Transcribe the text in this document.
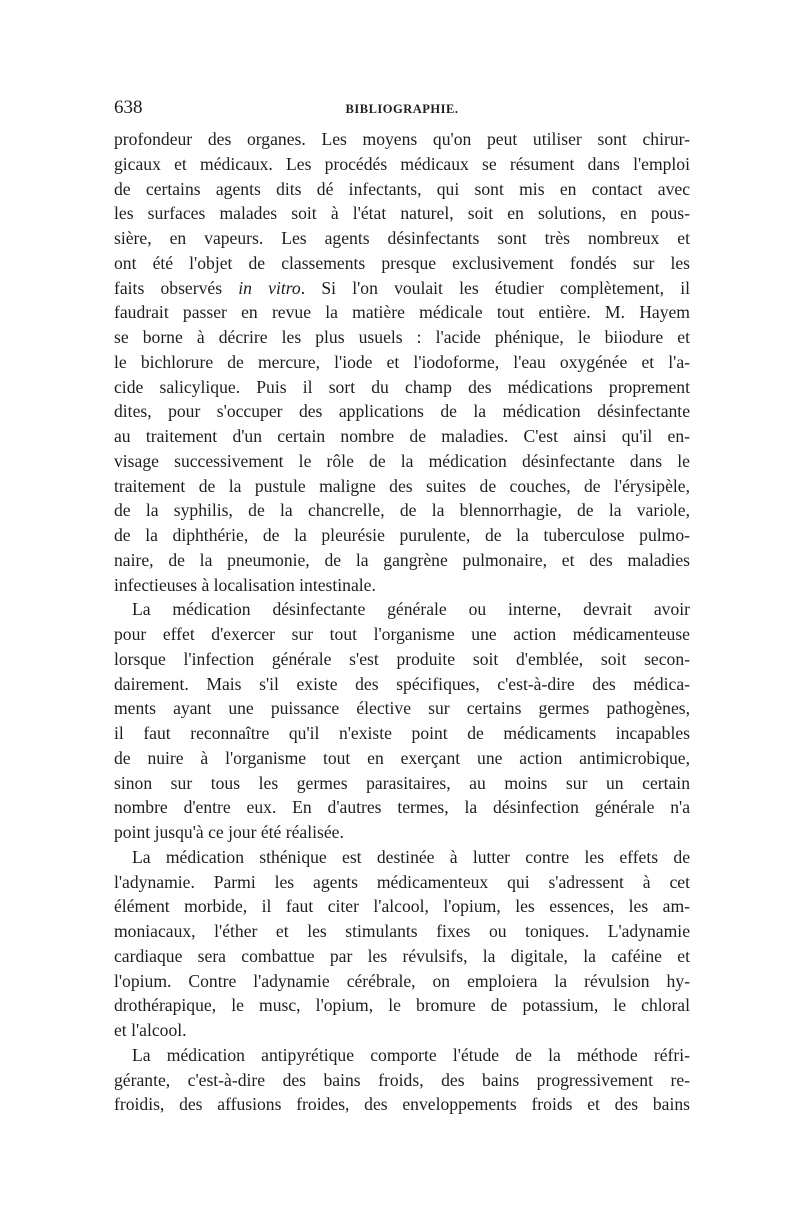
638	BIBLIOGRAPHIE.
profondeur des organes. Les moyens qu'on peut utiliser sont chirur-
gicaux et médicaux. Les procédés médicaux se résument dans l'emploi
de certains agents dits dé infectants, qui sont mis en contact avec
les surfaces malades soit à l'état naturel, soit en solutions, en pous-
sière, en vapeurs. Les agents désinfectants sont très nombreux et
ont été l'objet de classements presque exclusivement fondés sur les
faits observés in vitro. Si l'on voulait les étudier complètement, il
faudrait passer en revue la matière médicale tout entière. M. Hayem
se borne à décrire les plus usuels : l'acide phénique, le biiodure et
le bichlorure de mercure, l'iode et l'iodoforme, l'eau oxygénée et l'a-
cide salicylique. Puis il sort du champ des médications proprement
dites, pour s'occuper des applications de la médication désinfectante
au traitement d'un certain nombre de maladies. C'est ainsi qu'il en-
visage successivement le rôle de la médication désinfectante dans le
traitement de la pustule maligne des suites de couches, de l'érysipèle,
de la syphilis, de la chancrelle, de la blennorrhagie, de la variole,
de la diphthérie, de la pleurésie purulente, de la tuberculose pulmo-
naire, de la pneumonie, de la gangrène pulmonaire, et des maladies
infectieuses à localisation intestinale.
La médication désinfectante générale ou interne, devrait avoir
pour effet d'exercer sur tout l'organisme une action médicamenteuse
lorsque l'infection générale s'est produite soit d'emblée, soit secon-
dairement. Mais s'il existe des spécifiques, c'est-à-dire des médica-
ments ayant une puissance élective sur certains germes pathogènes,
il faut reconnaître qu'il n'existe point de médicaments incapables
de nuire à l'organisme tout en exerçant une action antimicrobique,
sinon sur tous les germes parasitaires, au moins sur un certain
nombre d'entre eux. En d'autres termes, la désinfection générale n'a
point jusqu'à ce jour été réalisée.
La médication sthénique est destinée à lutter contre les effets de
l'adynamie. Parmi les agents médicamenteux qui s'adressent à cet
élément morbide, il faut citer l'alcool, l'opium, les essences, les am-
moniacaux, l'éther et les stimulants fixes ou toniques. L'adynamie
cardiaque sera combattue par les révulsifs, la digitale, la caféine et
l'opium. Contre l'adynamie cérébrale, on emploiera la révulsion hy-
drothérapique, le musc, l'opium, le bromure de potassium, le chloral
et l'alcool.
La médication antipyrétique comporte l'étude de la méthode réfri-
gérante, c'est-à-dire des bains froids, des bains progressivement re-
froidis, des affusions froides, des enveloppements froids et des bains
